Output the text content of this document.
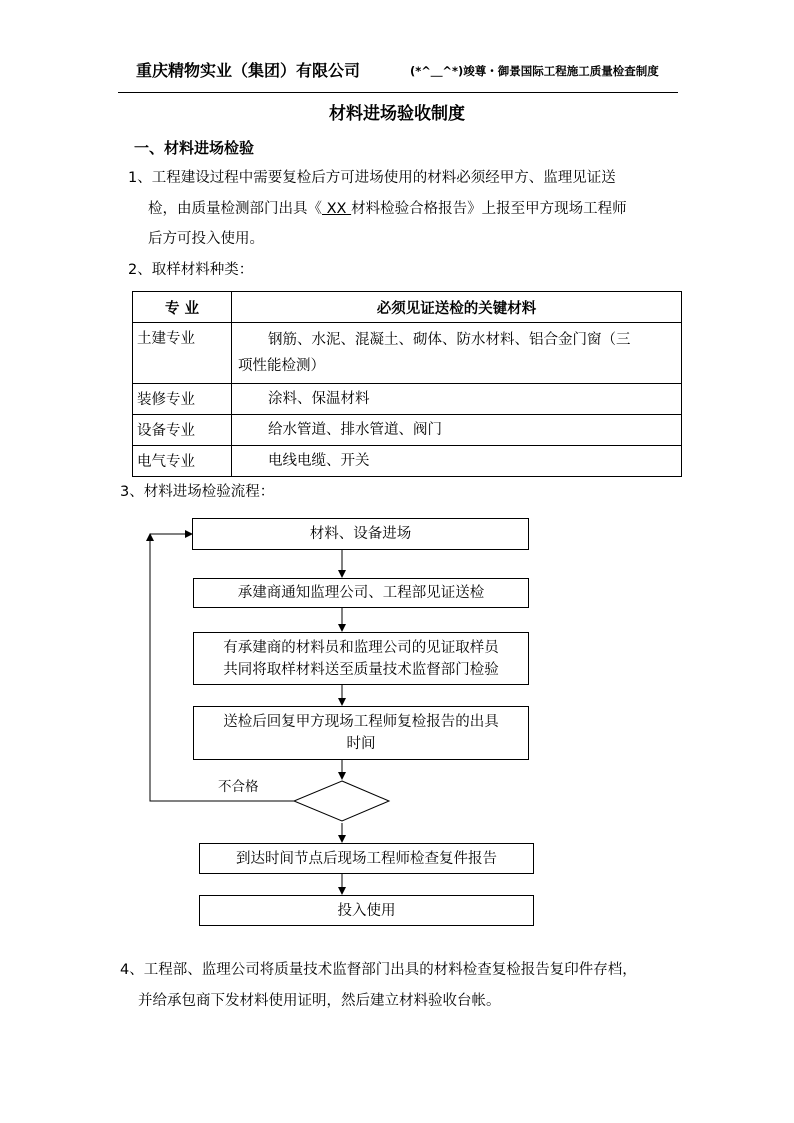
重庆精物实业（集团）有限公司	(*^＿^*)竣尊・御景国际工程施工质量检查制度
材料进场验收制度
一、材料进场检验
1、工程建设过程中需要复检后方可进场使用的材料必须经甲方、监理见证送
检，由质量检测部门出具《 XX 材料检验合格报告》上报至甲方现场工程师
后方可投入使用。
2、取样材料种类：
专 业	必须见证送检的关键材料
土建专业	钢筋、水泥、混凝土、砌体、防水材料、铝合金门窗（三
项性能检测）
装修专业	涂料、保温材料
设备专业	给水管道、排水管道、阀门
电气专业	电线电缆、开关
3、材料进场检验流程：
材料、设备进场
承建商通知监理公司、工程部见证送检
有承建商的材料员和监理公司的见证取样员
共同将取样材料送至质量技术监督部门检验
送检后回复甲方现场工程师复检报告的出具
时间
不合格
到达时间节点后现场工程师检查复件报告
投入使用
4、工程部、监理公司将质量技术监督部门出具的材料检查复检报告复印件存档，
并给承包商下发材料使用证明，然后建立材料验收台帐。
